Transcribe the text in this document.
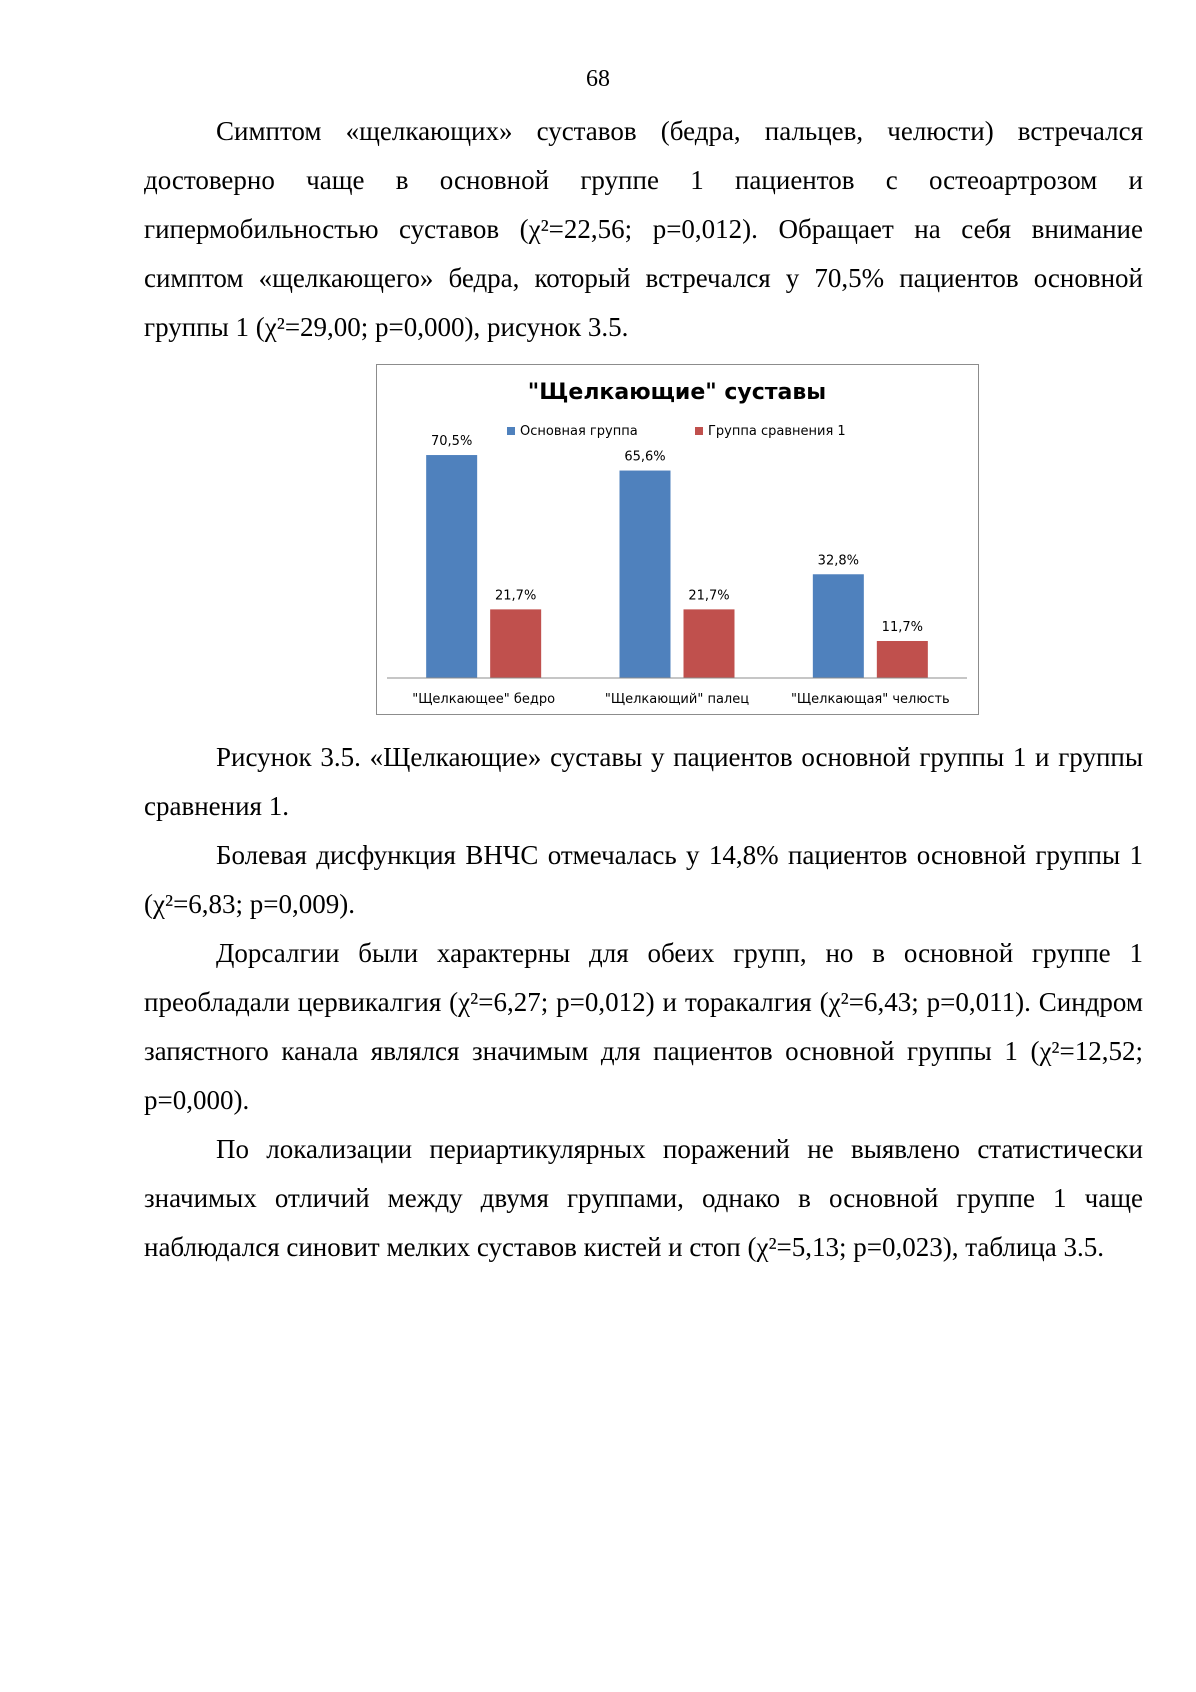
68

Симптом «щелкающих» суставов (бедра, пальцев, челюсти) встречался достоверно чаще в основной группе 1 пациентов с остеоартрозом и гипермобильностью суставов (χ²=22,56; p=0,012). Обращает на себя внимание симптом «щелкающего» бедра, который встречался у 70,5% пациентов основной группы 1 (χ²=29,00; p=0,000), рисунок 3.5.

"Щелкающие" суставы
Основная группа	Группа сравнения 1
70,5%
21,7%
"Щелкающее" бедро
65,6%
21,7%
"Щелкающий" палец
32,8%
11,7%
"Щелкающая" челюсть

Рисунок 3.5. «Щелкающие» суставы у пациентов основной группы 1 и группы сравнения 1.

Болевая дисфункция ВНЧС отмечалась у 14,8% пациентов основной группы 1 (χ²=6,83; p=0,009).

Дорсалгии были характерны для обеих групп, но в основной группе 1 преобладали цервикалгия (χ²=6,27; p=0,012) и торакалгия (χ²=6,43; p=0,011). Синдром запястного канала являлся значимым для пациентов основной группы 1 (χ²=12,52; p=0,000).

По локализации периартикулярных поражений не выявлено статистически значимых отличий между двумя группами, однако в основной группе 1 чаще наблюдался синовит мелких суставов кистей и стоп (χ²=5,13; p=0,023), таблица 3.5.
